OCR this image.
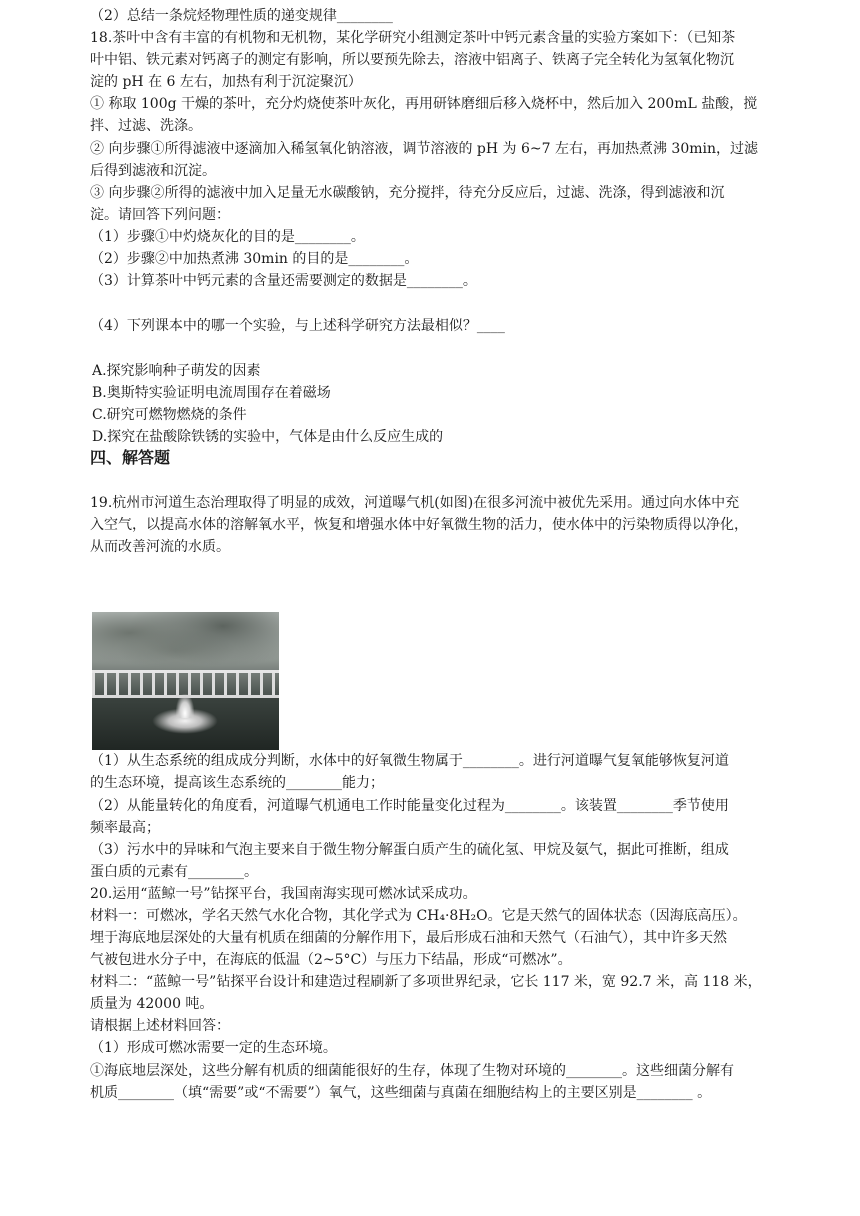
（2）总结一条烷烃物理性质的递变规律________
18.茶叶中含有丰富的有机物和无机物，某化学研究小组测定茶叶中钙元素含量的实验方案如下：（已知茶
叶中铝、铁元素对钙离子的测定有影响，所以要预先除去，溶液中铝离子、铁离子完全转化为氢氧化物沉
淀的 pH 在 6 左右，加热有利于沉淀聚沉）
① 称取 100g 干燥的茶叶，充分灼烧使茶叶灰化，再用研钵磨细后移入烧杯中，然后加入 200mL 盐酸，搅
拌、过滤、洗涤。
② 向步骤①所得滤液中逐滴加入稀氢氧化钠溶液，调节溶液的 pH 为 6~7 左右，再加热煮沸 30min，过滤
后得到滤液和沉淀。
③ 向步骤②所得的滤液中加入足量无水碳酸钠，充分搅拌，待充分反应后，过滤、洗涤，得到滤液和沉
淀。请回答下列问题：
（1）步骤①中灼烧灰化的目的是________。
（2）步骤②中加热煮沸 30min 的目的是________。
（3）计算茶叶中钙元素的含量还需要测定的数据是________。
（4）下列课本中的哪一个实验，与上述科学研究方法最相似？____
A.探究影响种子萌发的因素
B.奥斯特实验证明电流周围存在着磁场
C.研究可燃物燃烧的条件
D.探究在盐酸除铁锈的实验中，气体是由什么反应生成的
四、解答题
19.杭州市河道生态治理取得了明显的成效，河道曝气机(如图)在很多河流中被优先采用。通过向水体中充
入空气，以提高水体的溶解氧水平，恢复和增强水体中好氧微生物的活力，使水体中的污染物质得以净化，
从而改善河流的水质。
（1）从生态系统的组成成分判断，水体中的好氧微生物属于________。进行河道曝气复氧能够恢复河道
的生态环境，提高该生态系统的________能力；
（2）从能量转化的角度看，河道曝气机通电工作时能量变化过程为________。该装置________季节使用
频率最高；
（3）污水中的异味和气泡主要来自于微生物分解蛋白质产生的硫化氢、甲烷及氨气，据此可推断，组成
蛋白质的元素有________。
20.运用“蓝鲸一号”钻探平台，我国南海实现可燃冰试采成功。
材料一：可燃冰，学名天然气水化合物，其化学式为 CH₄·8H₂O。它是天然气的固体状态（因海底高压）。
埋于海底地层深处的大量有机质在细菌的分解作用下，最后形成石油和天然气（石油气），其中许多天然
气被包进水分子中，在海底的低温（2~5°C）与压力下结晶，形成“可燃冰”。
材料二：“蓝鲸一号”钻探平台设计和建造过程刷新了多项世界纪录，它长 117 米，宽 92.7 米，高 118 米，
质量为 42000 吨。
请根据上述材料回答：
（1）形成可燃冰需要一定的生态环境。
①海底地层深处，这些分解有机质的细菌能很好的生存，体现了生物对环境的________。这些细菌分解有
机质________（填“需要”或“不需要”）氧气，这些细菌与真菌在细胞结构上的主要区别是________ 。
